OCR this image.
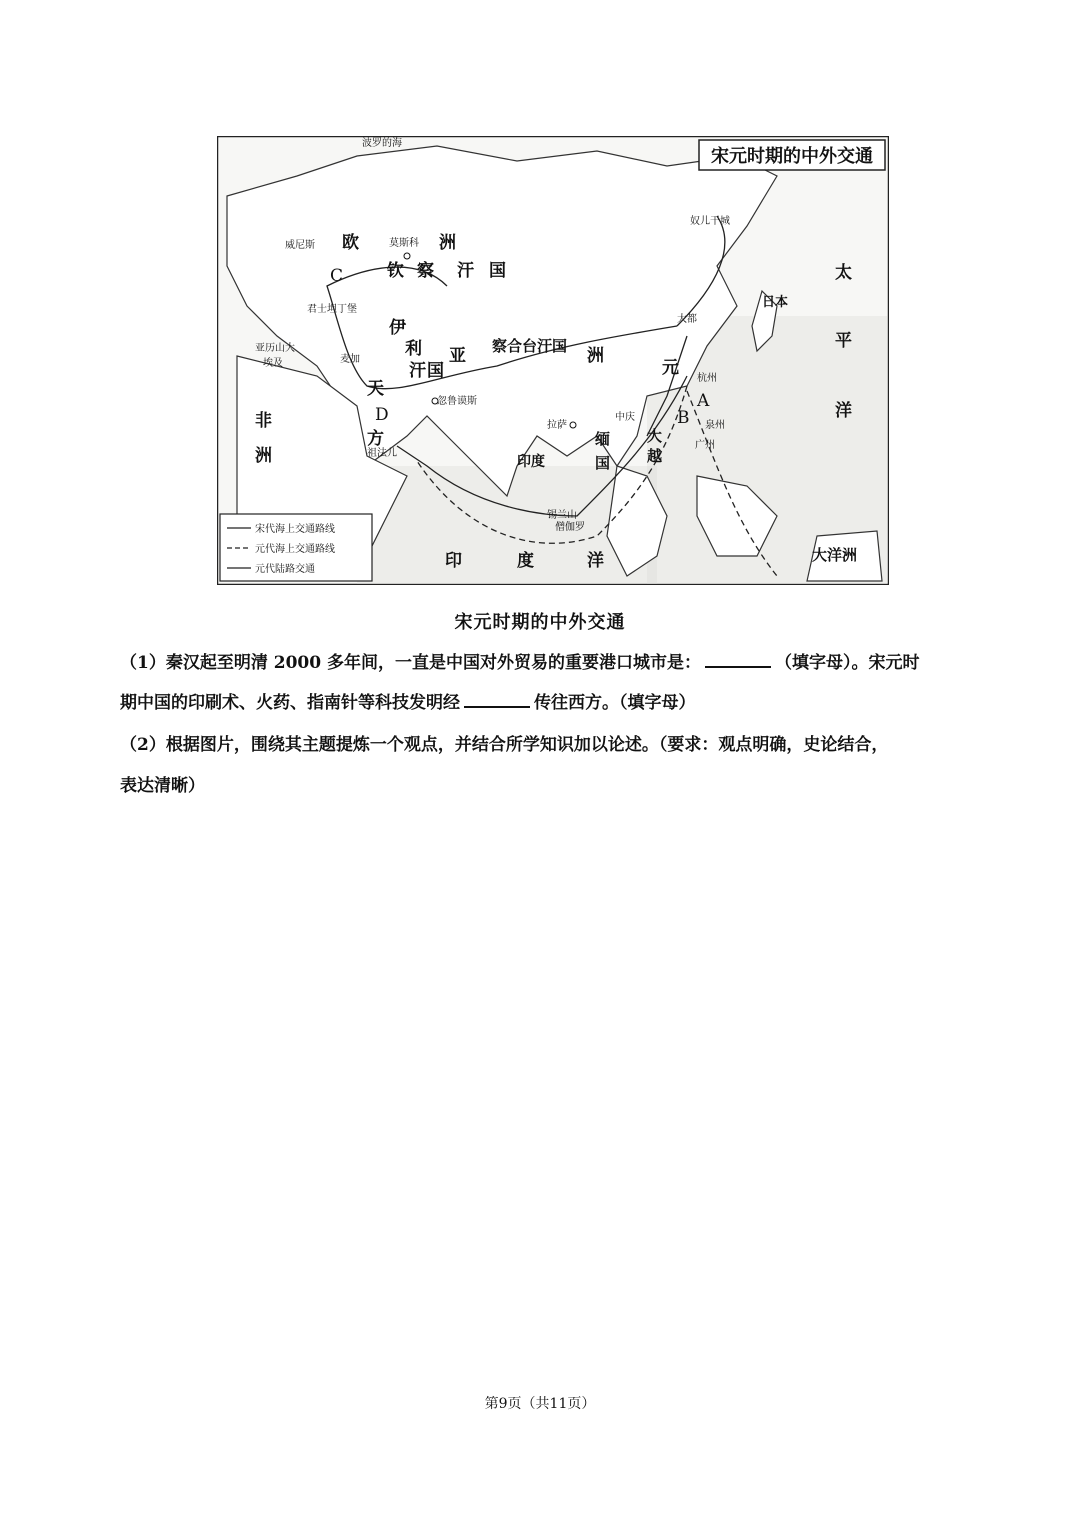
宋元时期的中外交通
欧	洲
钦 察 汗 国
非
洲
天
方
伊
利
汗 国
亚	洲
察合台汗国
元
缅
国
大
越
印度
印	度	洋
太
平
洋
大洋洲
日本
A
B
C
D
莫斯科
威尼斯
君士坦丁堡
亚历山大
埃及	麦加
忽鲁谟斯
祖法儿
拉萨
锡兰山
僧伽罗
大都
奴儿干城
杭州
泉州
广州
中庆
波罗的海
宋代海上交通路线
元代海上交通路线
元代陆路交通
宋元时期的中外交通
（1）秦汉起至明清 2000 多年间，一直是中国对外贸易的重要港口城市是：	（填字母）。宋元时
期中国的印刷术、火药、指南针等科技发明经	传往西方。（填字母）
（2）根据图片，围绕其主题提炼一个观点，并结合所学知识加以论述。（要求：观点明确，史论结合，
表达清晰）
第9页（共11页）
